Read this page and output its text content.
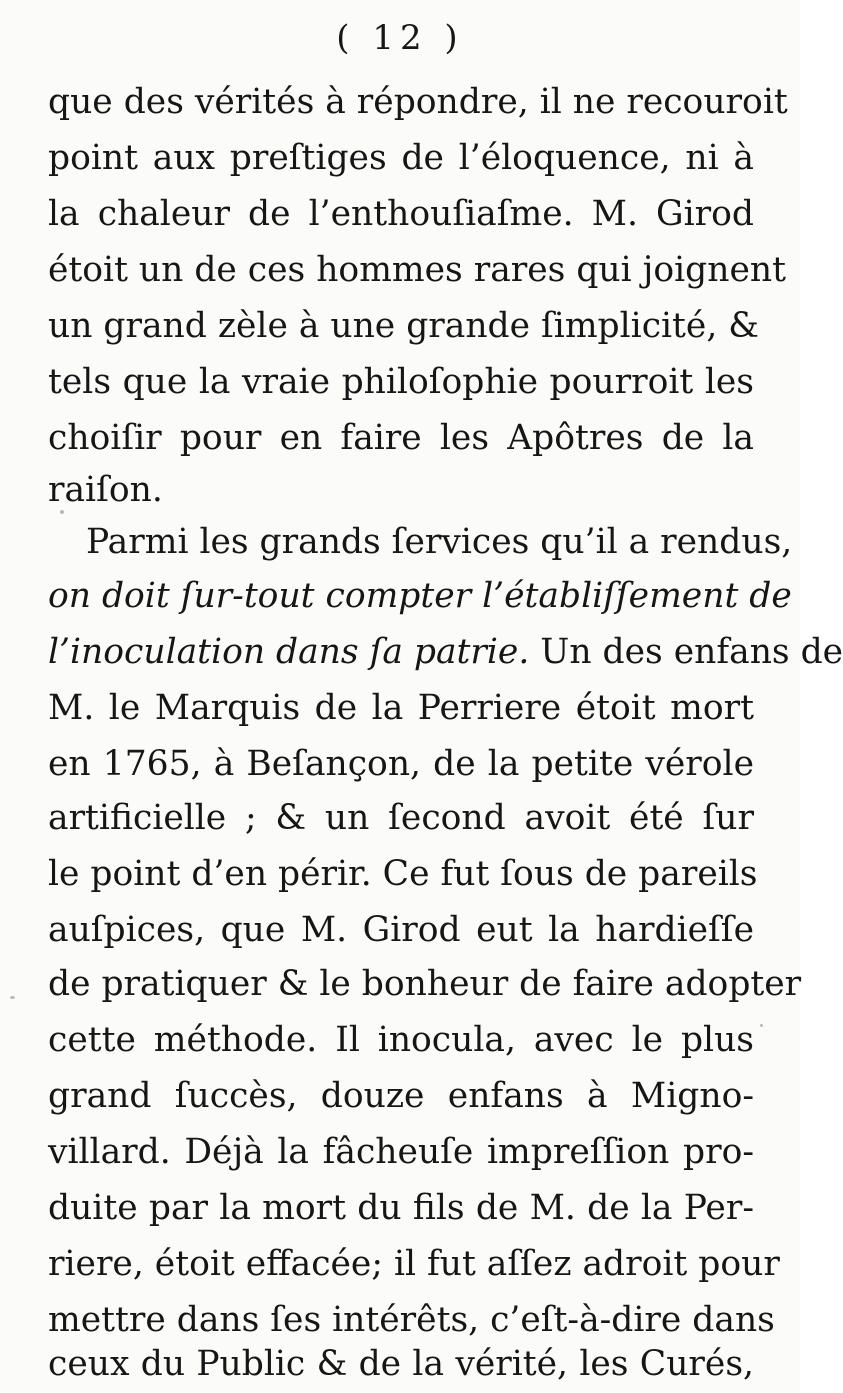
( 12 )
que des vérités à répondre, il ne recouroit
point aux preſtiges de l’éloquence, ni à
la chaleur de l’enthouſiaſme. M. Girod
étoit un de ces hommes rares qui joignent
un grand zèle à une grande ſimplicité, &
tels que la vraie philoſophie pourroit les
choiſir pour en faire les Apôtres de la
raiſon.
Parmi les grands ſervices qu’il a rendus,
on doit ſur-tout compter l’établiſſement de
l’inoculation dans ſa patrie. Un des enfans de
M. le Marquis de la Perriere étoit mort
en 1765, à Beſançon, de la petite vérole
artificielle ; & un ſecond avoit été ſur
le point d’en périr. Ce fut ſous de pareils
auſpices, que M. Girod eut la hardieſſe
de pratiquer & le bonheur de faire adopter
cette méthode. Il inocula, avec le plus
grand ſuccès, douze enfans à Migno-
villard. Déjà la fâcheuſe impreſſion pro-
duite par la mort du fils de M. de la Per-
riere, étoit effacée; il fut aſſez adroit pour
mettre dans ſes intérêts, c’eſt-à-dire dans
ceux du Public & de la vérité, les Curés,
